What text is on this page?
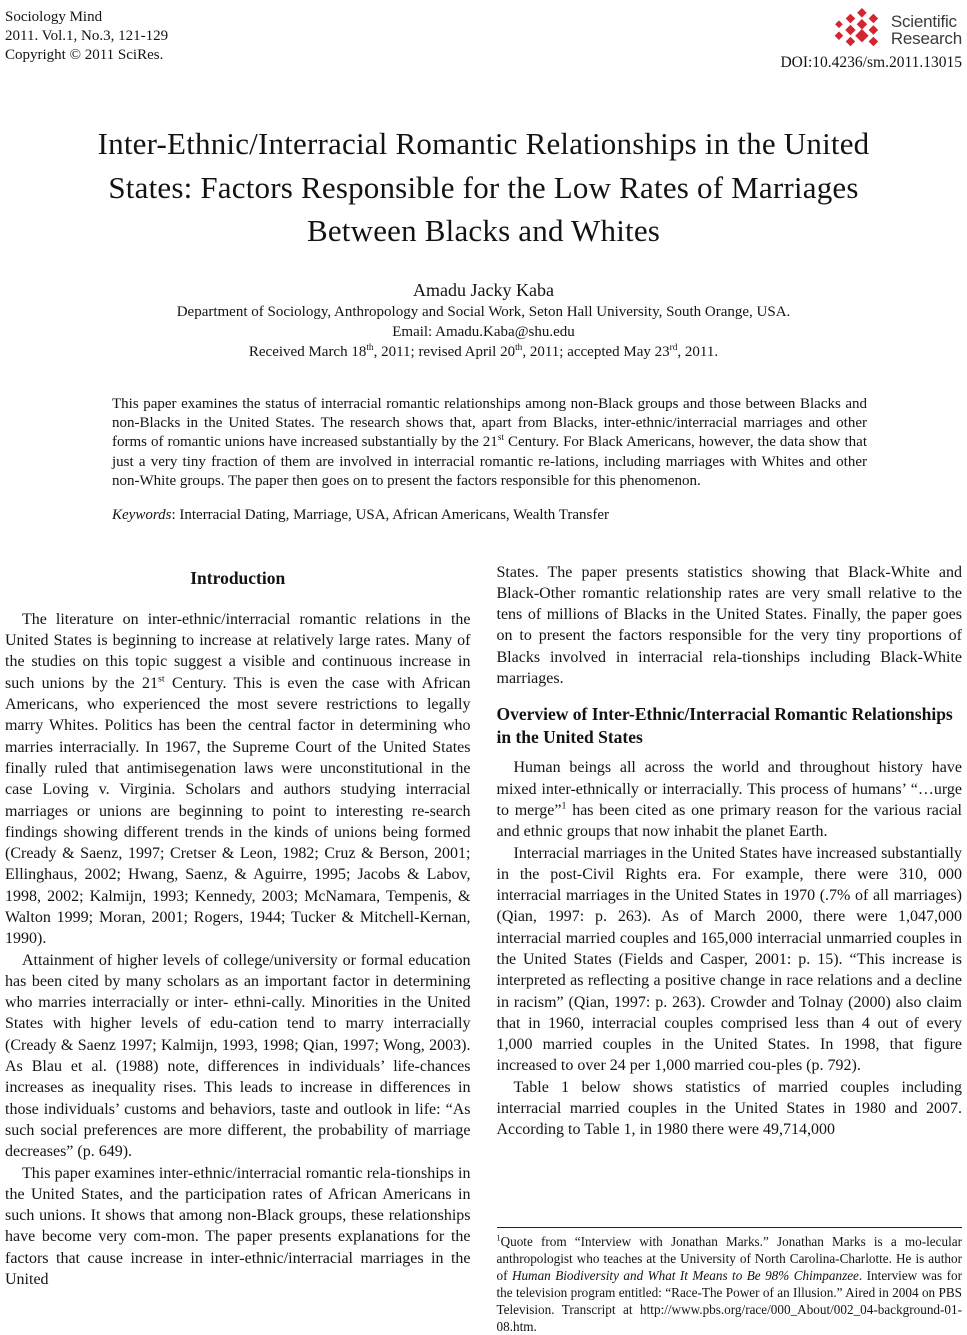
Sociology Mind
2011. Vol.1, No.3, 121-129
Copyright © 2011 SciRes.
Scientific
Research
DOI:10.4236/sm.2011.13015
Inter-Ethnic/Interracial Romantic Relationships in the United
States: Factors Responsible for the Low Rates of Marriages
Between Blacks and Whites
Amadu Jacky Kaba
Department of Sociology, Anthropology and Social Work, Seton Hall University, South Orange, USA.
Email: Amadu.Kaba@shu.edu
Received March 18th, 2011; revised April 20th, 2011; accepted May 23rd, 2011.
This paper examines the status of interracial romantic relationships among non-Black groups and those between Blacks and non-Blacks in the United States. The research shows that, apart from Blacks, inter-ethnic/interracial marriages and other forms of romantic unions have increased substantially by the 21st Century. For Black Americans, however, the data show that just a very tiny fraction of them are involved in interracial romantic re-lations, including marriages with Whites and other non-White groups. The paper then goes on to present the factors responsible for this phenomenon.
Keywords: Interracial Dating, Marriage, USA, African Americans, Wealth Transfer
Introduction

The literature on inter-ethnic/interracial romantic relations in the United States is beginning to increase at relatively large rates. Many of the studies on this topic suggest a visible and continuous increase in such unions by the 21st Century. This is even the case with African Americans, who experienced the most severe restrictions to legally marry Whites. Politics has been the central factor in determining who marries interracially. In 1967, the Supreme Court of the United States finally ruled that antimisegenation laws were unconstitutional in the case Loving v. Virginia. Scholars and authors studying interracial marriages or unions are beginning to point to interesting re-search findings showing different trends in the kinds of unions being formed (Cready & Saenz, 1997; Cretser & Leon, 1982; Cruz & Berson, 2001; Ellinghaus, 2002; Hwang, Saenz, & Aguirre, 1995; Jacobs & Labov, 1998, 2002; Kalmijn, 1993; Kennedy, 2003; McNamara, Tempenis, & Walton 1999; Moran, 2001; Rogers, 1944; Tucker & Mitchell-Kernan, 1990).

Attainment of higher levels of college/university or formal education has been cited by many scholars as an important factor in determining who marries interracially or inter- ethni-cally. Minorities in the United States with higher levels of edu-cation tend to marry interracially (Cready & Saenz 1997; Kalmijn, 1993, 1998; Qian, 1997; Wong, 2003). As Blau et al. (1988) note, differences in individuals’ life-chances increases as inequality rises. This leads to increase in differences in those individuals’ customs and behaviors, taste and outlook in life: “As such social preferences are more different, the probability of marriage decreases” (p. 649).

This paper examines inter-ethnic/interracial romantic rela-tionships in the United States, and the participation rates of African Americans in such unions. It shows that among non-Black groups, these relationships have become very com-mon. The paper presents explanations for the factors that cause increase in inter-ethnic/interracial marriages in the United

States. The paper presents statistics showing that Black-White and Black-Other romantic relationship rates are very small relative to the tens of millions of Blacks in the United States. Finally, the paper goes on to present the factors responsible for the very tiny proportions of Blacks involved in interracial rela-tionships including Black-White marriages.

Overview of Inter-Ethnic/Interracial Romantic Relationships in the United States

Human beings all across the world and throughout history have mixed inter-ethnically or interracially. This process of humans’ “…urge to merge”$^1$ has been cited as one primary reason for the various racial and ethnic groups that now inhabit the planet Earth.

Interracial marriages in the United States have increased substantially in the post-Civil Rights era. For example, there were 310, 000 interracial marriages in the United States in 1970 (.7% of all marriages) (Qian, 1997: p. 263). As of March 2000, there were 1,047,000 interracial married couples and 165,000 interracial unmarried couples in the United States (Fields and Casper, 2001: p. 15). “This increase is interpreted as reflecting a positive change in race relations and a decline in racism” (Qian, 1997: p. 263). Crowder and Tolnay (2000) also claim that in 1960, interracial couples comprised less than 4 out of every 1,000 married couples in the United States. In 1998, that figure increased to over 24 per 1,000 married cou-ples (p. 792).

Table 1 below shows statistics of married couples including interracial married couples in the United States in 1980 and 2007. According to Table 1, in 1980 there were 49,714,000

$^1$Quote from “Interview with Jonathan Marks.” Jonathan Marks is a mo-lecular anthropologist who teaches at the University of North Carolina-Charlotte. He is author of Human Biodiversity and What It Means to Be 98% Chimpanzee. Interview was for the television program entitled: “Race-The Power of an Illusion.” Aired in 2004 on PBS Television. Transcript at http://www.pbs.org/race/000_About/002_04-background-01-08.htm.
